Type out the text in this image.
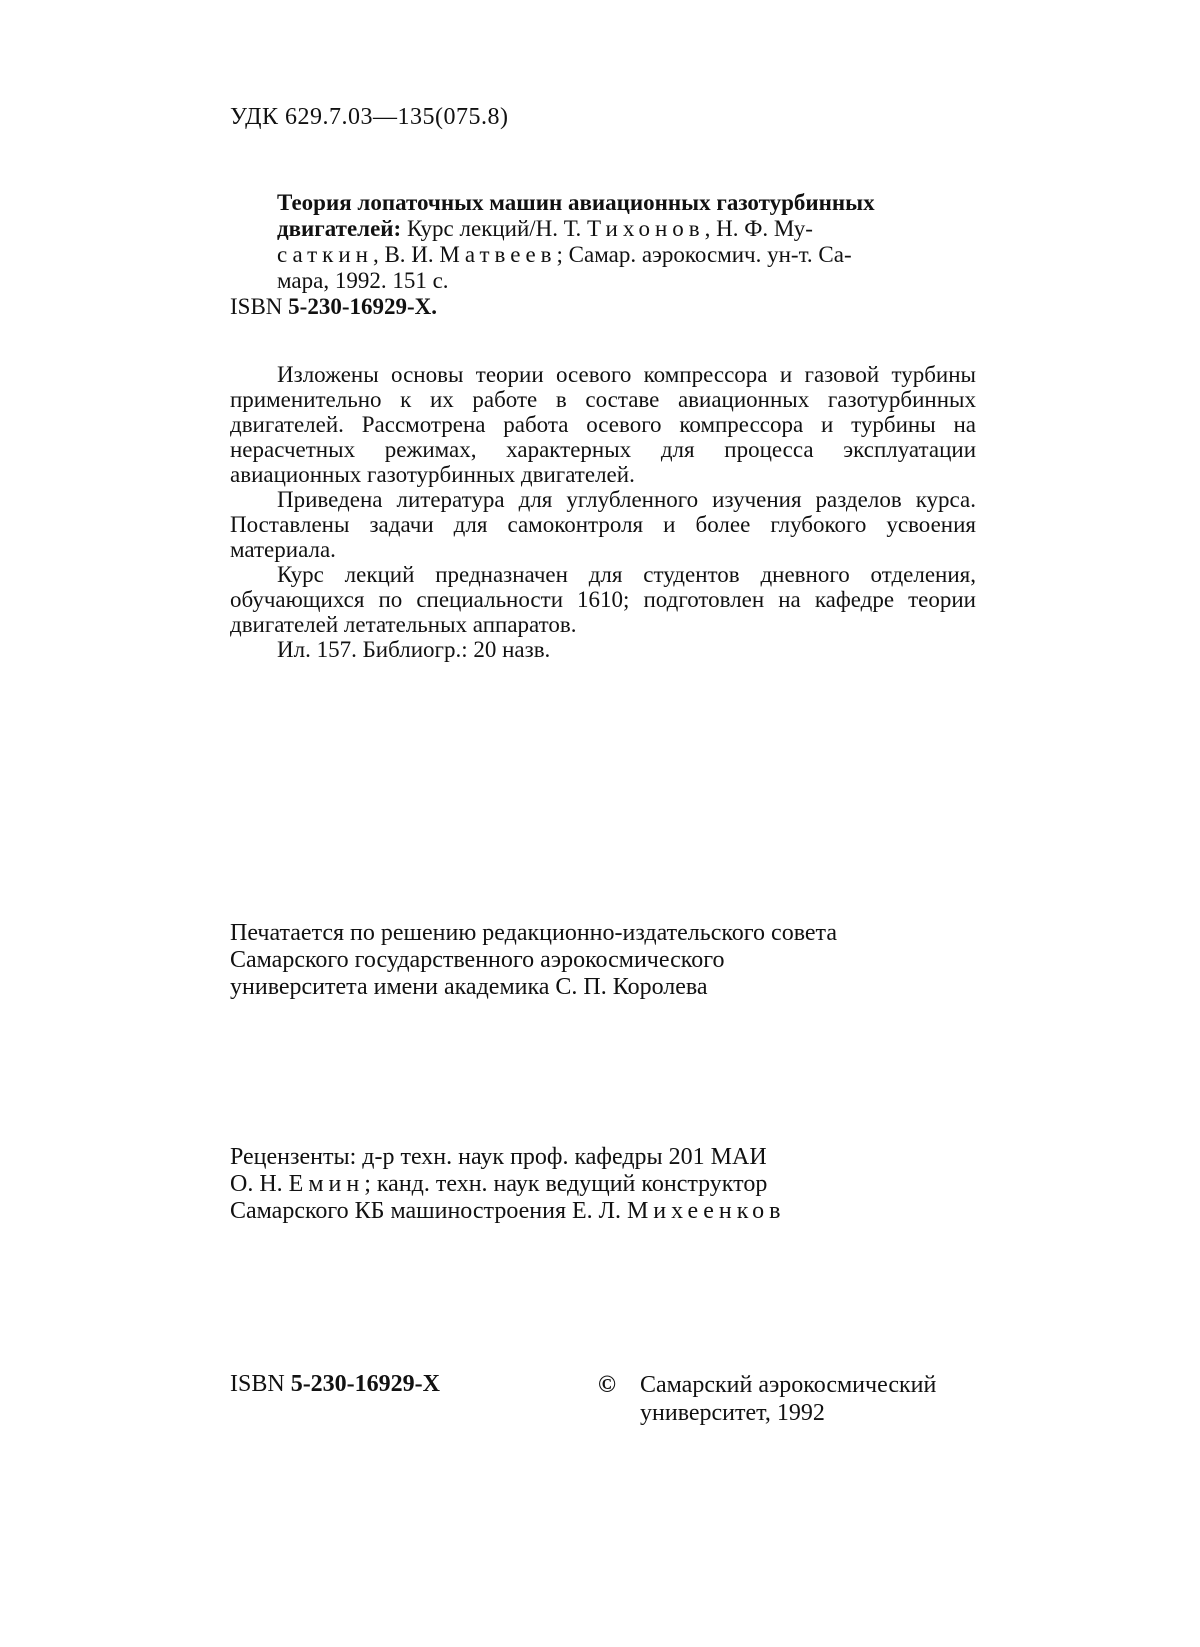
УДК 629.7.03—135(075.8)
Теория лопаточных машин авиационных газотурбинных
двигателей: Курс лекций/Н. Т. Тихонов, Н. Ф. Му-
саткин, В. И. Матвеев; Самар. аэрокосмич. ун-т. Са-
мара, 1992. 151 с.
ISBN 5-230-16929-X.

Изложены основы теории осевого компрессора и газовой турбины применительно к их работе в составе авиационных газотурбинных двигателей. Рассмотрена работа осевого компрессора и турбины на нерасчетных режимах, характерных для процесса эксплуатации авиационных газотурбинных двигателей.

Приведена литература для углубленного изучения разделов курса. Поставлены задачи для самоконтроля и более глубокого усвоения материала.

Курс лекций предназначен для студентов дневного отделения, обучающихся по специальности 1610; подготовлен на кафедре теории двигателей летательных аппаратов.

Ил. 157. Библиогр.: 20 назв.

Печатается по решению редакционно-издательского совета
Самарского государственного аэрокосмического
университета имени академика С. П. Королева
Рецензенты: д-р техн. наук проф. кафедры 201 МАИ
О. Н. Емин; канд. техн. наук ведущий конструктор
Самарского КБ машиностроения Е. Л. Михеенков
ISBN 5-230-16929-X	© Самарский аэрокосмический
университет, 1992
